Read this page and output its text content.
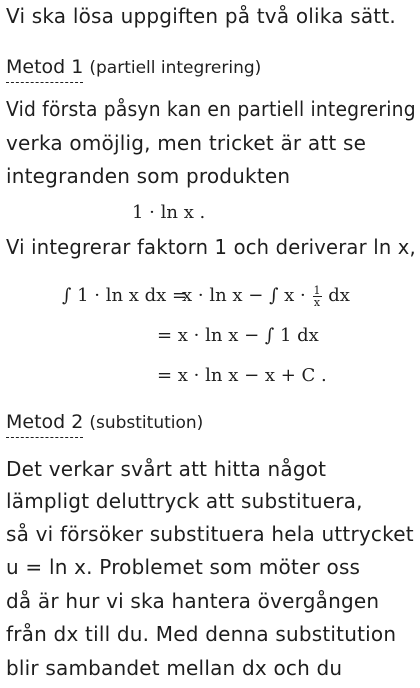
Vi ska lösa uppgiften på två olika sätt.
Metod 1 (partiell integrering)
Vid första påsyn kan en partiell integrering
verka omöjlig, men tricket är att se
integranden som produkten
1 · ln x .
Vi integrerar faktorn 1 och deriverar ln x,
∫ 1 · ln x dx =
x · ln x − ∫ $x \cdot \frac{1}{x}$ dx
= x · ln x − ∫ 1 dx
= x · ln x − x + C .
Metod 2 (substitution)
Det verkar svårt att hitta något
lämpligt deluttryck att substituera,
så vi försöker substituera hela uttrycket
u = ln x. Problemet som möter oss
då är hur vi ska hantera övergången
från dx till du. Med denna substitution
blir sambandet mellan dx och du
